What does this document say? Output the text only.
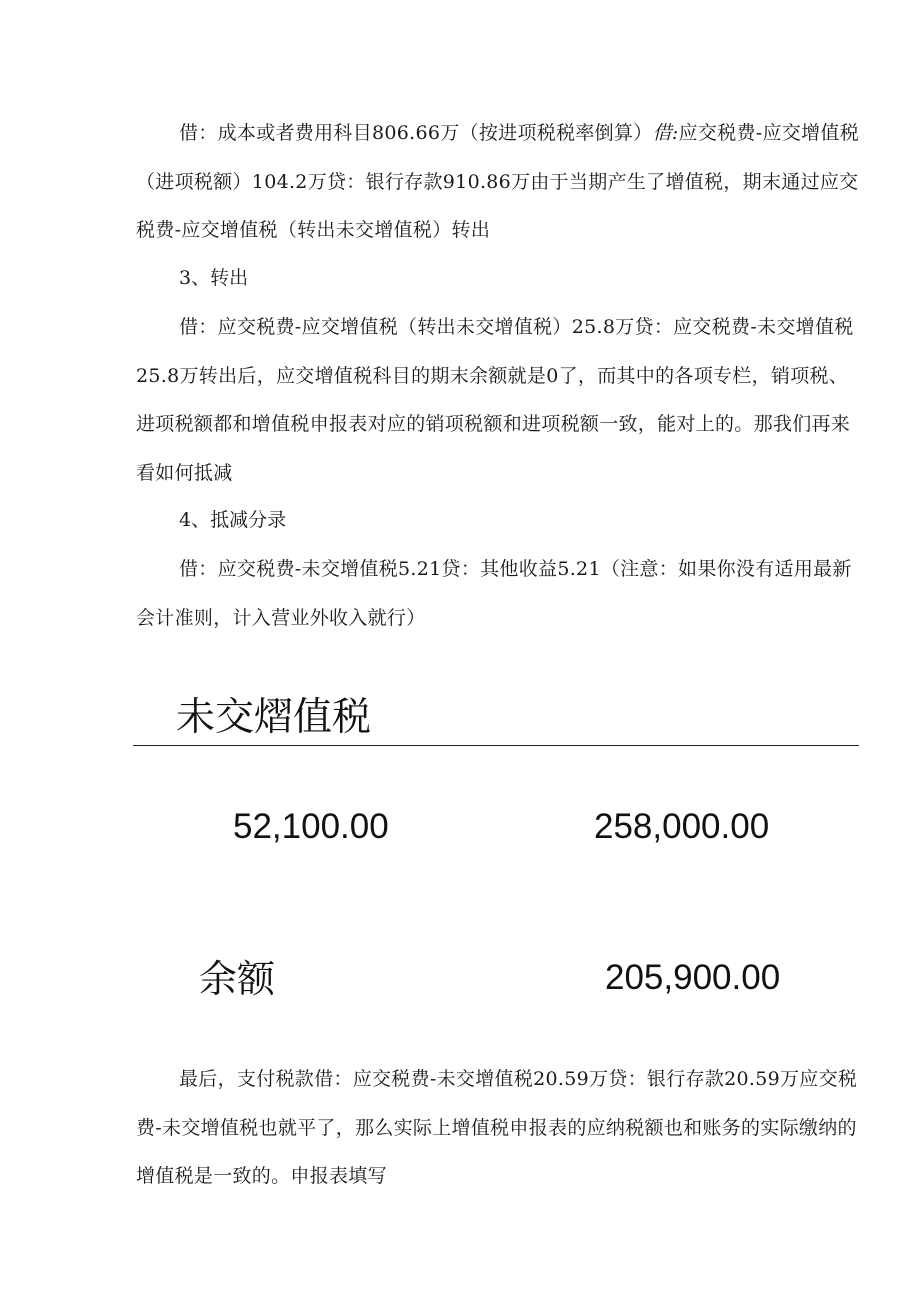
借：成本或者费用科目806.66万（按进项税税率倒算）借:应交税费-应交增值税（进项税额）104.2万贷：银行存款910.86万由于当期产生了增值税，期末通过应交税费-应交增值税（转出未交增值税）转出

3、转出

借：应交税费-应交增值税（转出未交增值税）25.8万贷：应交税费-未交增值税25.8万转出后，应交增值税科目的期末余额就是0了，而其中的各项专栏，销项税、进项税额都和增值税申报表对应的销项税额和进项税额一致，能对上的。那我们再来看如何抵减

4、抵减分录

借：应交税费-未交增值税5.21贷：其他收益5.21（注意：如果你没有适用最新会计准则，计入营业外收入就行）

未交熠值税

52,100.00	258,000.00

余额	205,900.00

最后，支付税款借：应交税费-未交增值税20.59万贷：银行存款20.59万应交税费-未交增值税也就平了，那么实际上增值税申报表的应纳税额也和账务的实际缴纳的增值税是一致的。申报表填写
